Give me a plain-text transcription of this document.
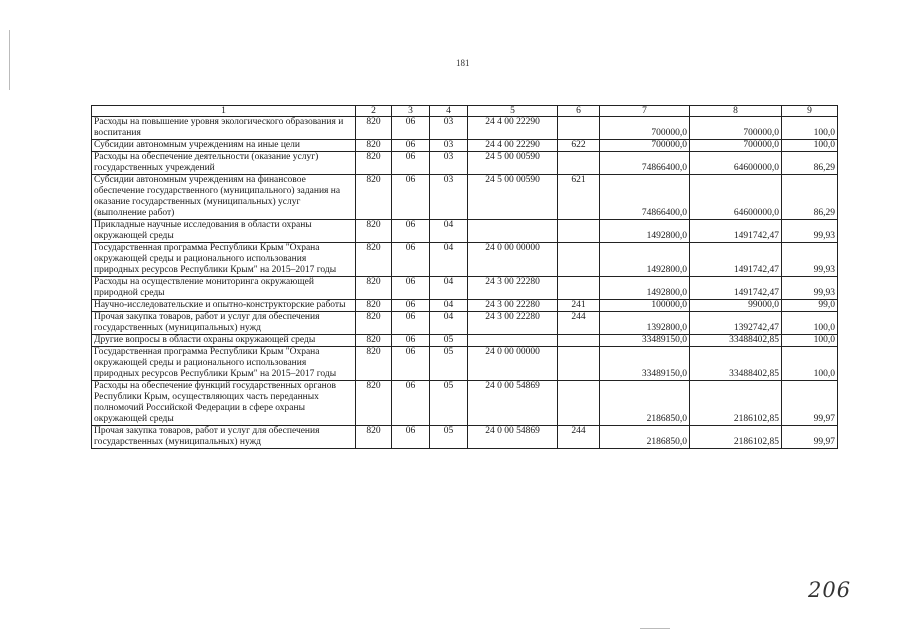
181
1	2	3	4	5	6	7	8	9
Расходы на повышение уровня экологического образования и воспитания	820	06	03	24 4 00 22290		700000,0	700000,0	100,0
Субсидии автономным учреждениям на иные цели	820	06	03	24 4 00 22290	622	700000,0	700000,0	100,0
Расходы на обеспечение деятельности (оказание услуг) государственных учреждений	820	06	03	24 5 00 00590		74866400,0	64600000,0	86,29
Субсидии автономным учреждениям на финансовое обеспечение государственного (муниципального) задания на оказание государственных (муниципальных) услуг (выполнение работ)	820	06	03	24 5 00 00590	621	74866400,0	64600000,0	86,29
Прикладные научные исследования в области охраны окружающей среды	820	06	04			1492800,0	1491742,47	99,93
Государственная программа Республики Крым "Охрана окружающей среды и рационального использования природных ресурсов Республики Крым" на 2015–2017 годы	820	06	04	24 0 00 00000		1492800,0	1491742,47	99,93
Расходы на осуществление мониторинга окружающей природной среды	820	06	04	24 3 00 22280		1492800,0	1491742,47	99,93
Научно-исследовательские и опытно-конструкторские работы	820	06	04	24 3 00 22280	241	100000,0	99000,0	99,0
Прочая закупка товаров, работ и услуг для обеспечения государственных (муниципальных) нужд	820	06	04	24 3 00 22280	244	1392800,0	1392742,47	100,0
Другие вопросы в области охраны окружающей среды	820	06	05			33489150,0	33488402,85	100,0
Государственная программа Республики Крым "Охрана окружающей среды и рационального использования природных ресурсов Республики Крым" на 2015–2017 годы	820	06	05	24 0 00 00000		33489150,0	33488402,85	100,0
Расходы на обеспечение функций государственных органов Республики Крым, осуществляющих часть переданных полномочий Российской Федерации в сфере охраны окружающей среды	820	06	05	24 0 00 54869		2186850,0	2186102,85	99,97
Прочая закупка товаров, работ и услуг для обеспечения государственных (муниципальных) нужд	820	06	05	24 0 00 54869	244	2186850,0	2186102,85	99,97
206
